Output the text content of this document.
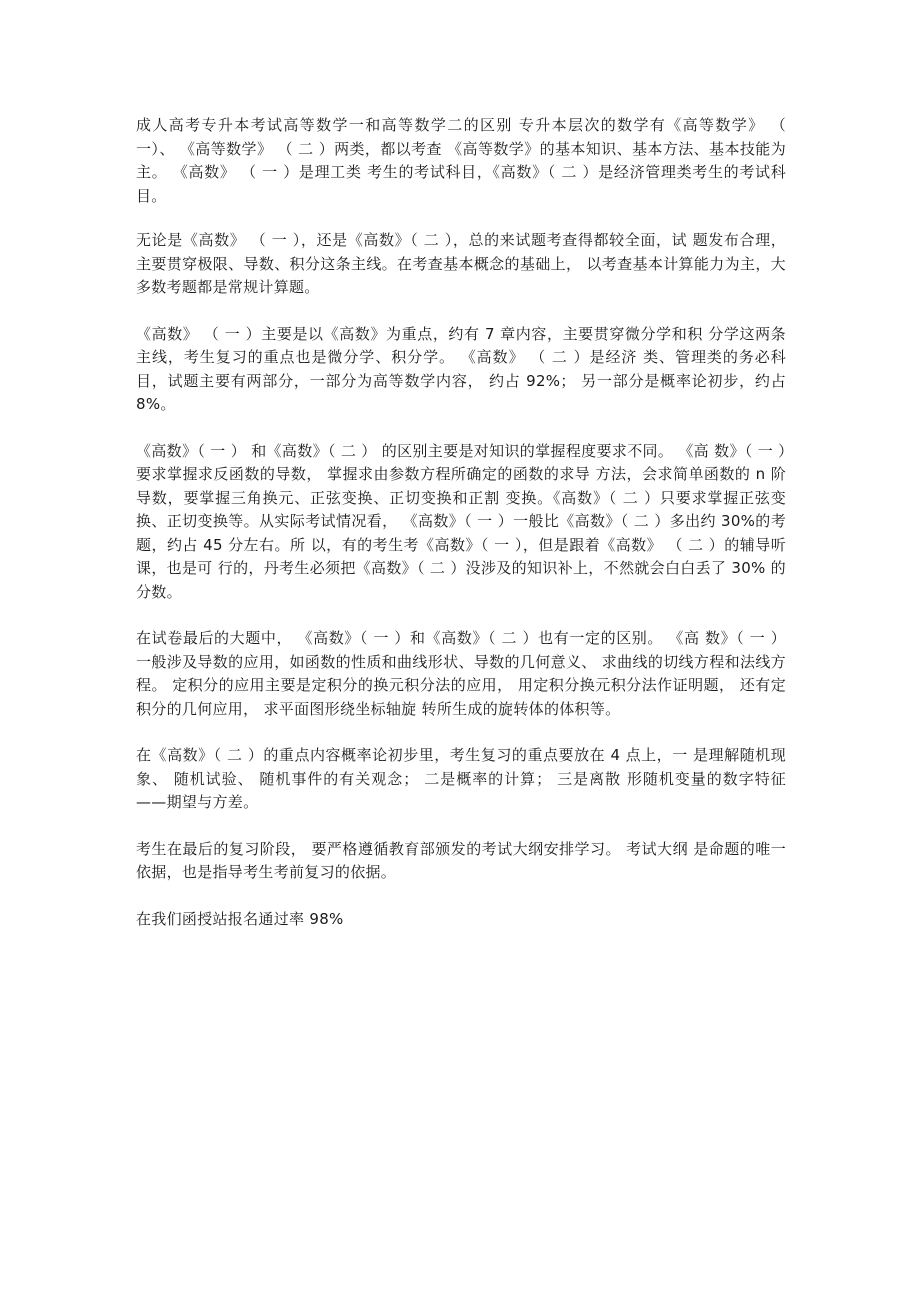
成人高考专升本考试高等数学一和高等数学二的区别 专升本层次的数学有《高等数学》 （ 一）、 《高等数学》 （ 二 ）两类，都以考查 《高等数学》的基本知识、基本方法、基本技能为主。 《高数》 （ 一 ）是理工类 考生的考试科目，《高数》（ 二 ）是经济管理类考生的考试科目。

无论是《高数》 （ 一 ），还是《高数》（ 二 ），总的来试题考查得都较全面，试 题发布合理，主要贯穿极限、导数、积分这条主线。在考查基本概念的基础上， 以考查基本计算能力为主，大多数考题都是常规计算题。

《高数》 （ 一 ）主要是以《高数》为重点，约有 7 章内容，主要贯穿微分学和积 分学这两条主线，考生复习的重点也是微分学、积分学。 《高数》 （ 二 ）是经济 类、管理类的务必科目，试题主要有两部分，一部分为高等数学内容， 约占 92%； 另一部分是概率论初步，约占 8%。

《高数》（ 一 ） 和《高数》（ 二 ） 的区别主要是对知识的掌握程度要求不同。 《高 数》（ 一 ）要求掌握求反函数的导数， 掌握求由参数方程所确定的函数的求导 方法，会求简单函数的 n 阶导数，要掌握三角换元、正弦变换、正切变换和正割 变换。《高数》（ 二 ）只要求掌握正弦变换、正切变换等。从实际考试情况看， 《高数》（ 一 ）一般比《高数》（ 二 ）多出约 30%的考题，约占 45 分左右。所 以，有的考生考《高数》（ 一 ），但是跟着《高数》 （ 二 ）的辅导听课，也是可 行的，丹考生必须把《高数》（ 二 ）没涉及的知识补上，不然就会白白丢了 30% 的分数。

在试卷最后的大题中， 《高数》（ 一 ）和《高数》（ 二 ）也有一定的区别。 《高 数》（ 一 ）一般涉及导数的应用，如函数的性质和曲线形状、导数的几何意义、 求曲线的切线方程和法线方程。 定积分的应用主要是定积分的换元积分法的应用， 用定积分换元积分法作证明题， 还有定积分的几何应用， 求平面图形绕坐标轴旋 转所生成的旋转体的体积等。

在《高数》（ 二 ）的重点内容概率论初步里，考生复习的重点要放在 4 点上，一 是理解随机现象、 随机试验、 随机事件的有关观念； 二是概率的计算； 三是离散 形随机变量的数字特征——期望与方差。

考生在最后的复习阶段， 要严格遵循教育部颁发的考试大纲安排学习。 考试大纲 是命题的唯一依据，也是指导考生考前复习的依据。

在我们函授站报名通过率 98%
